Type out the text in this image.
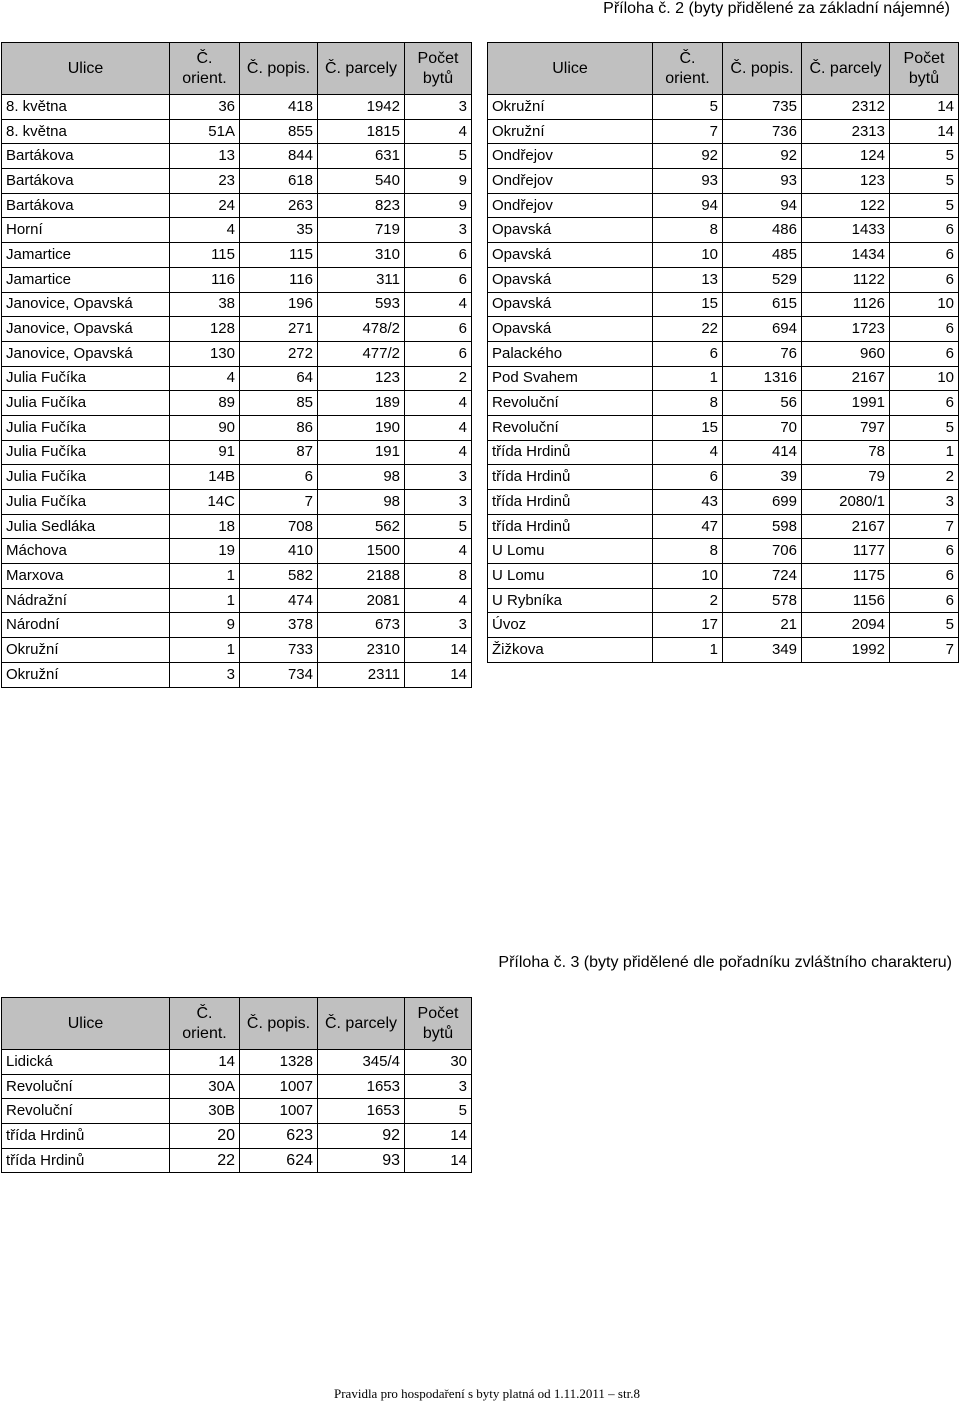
Příloha č. 2 (byty přidělené za základní nájemné)
Ulice	Č. orient.	Č. popis.	Č. parcely	Počet bytů
8. května	36	418	1942	3
8. května	51A	855	1815	4
Bartákova	13	844	631	5
Bartákova	23	618	540	9
Bartákova	24	263	823	9
Horní	4	35	719	3
Jamartice	115	115	310	6
Jamartice	116	116	311	6
Janovice, Opavská	38	196	593	4
Janovice, Opavská	128	271	478/2	6
Janovice, Opavská	130	272	477/2	6
Julia Fučíka	4	64	123	2
Julia Fučíka	89	85	189	4
Julia Fučíka	90	86	190	4
Julia Fučíka	91	87	191	4
Julia Fučíka	14B	6	98	3
Julia Fučíka	14C	7	98	3
Julia Sedláka	18	708	562	5
Máchova	19	410	1500	4
Marxova	1	582	2188	8
Nádražní	1	474	2081	4
Národní	9	378	673	3
Okružní	1	733	2310	14
Okružní	3	734	2311	14
Ulice	Č. orient.	Č. popis.	Č. parcely	Počet bytů
Okružní	5	735	2312	14
Okružní	7	736	2313	14
Ondřejov	92	92	124	5
Ondřejov	93	93	123	5
Ondřejov	94	94	122	5
Opavská	8	486	1433	6
Opavská	10	485	1434	6
Opavská	13	529	1122	6
Opavská	15	615	1126	10
Opavská	22	694	1723	6
Palackého	6	76	960	6
Pod Svahem	1	1316	2167	10
Revoluční	8	56	1991	6
Revoluční	15	70	797	5
třída Hrdinů	4	414	78	1
třída Hrdinů	6	39	79	2
třída Hrdinů	43	699	2080/1	3
třída Hrdinů	47	598	2167	7
U Lomu	8	706	1177	6
U Lomu	10	724	1175	6
U Rybníka	2	578	1156	6
Úvoz	17	21	2094	5
Žižkova	1	349	1992	7
Příloha č. 3 (byty přidělené dle pořadníku zvláštního charakteru)
Ulice	Č. orient.	Č. popis.	Č. parcely	Počet bytů
Lidická	14	1328	345/4	30
Revoluční	30A	1007	1653	3
Revoluční	30B	1007	1653	5
třída Hrdinů	20	623	92	14
třída Hrdinů	22	624	93	14
Pravidla pro hospodaření s byty platná od 1.11.2011 – str.8
